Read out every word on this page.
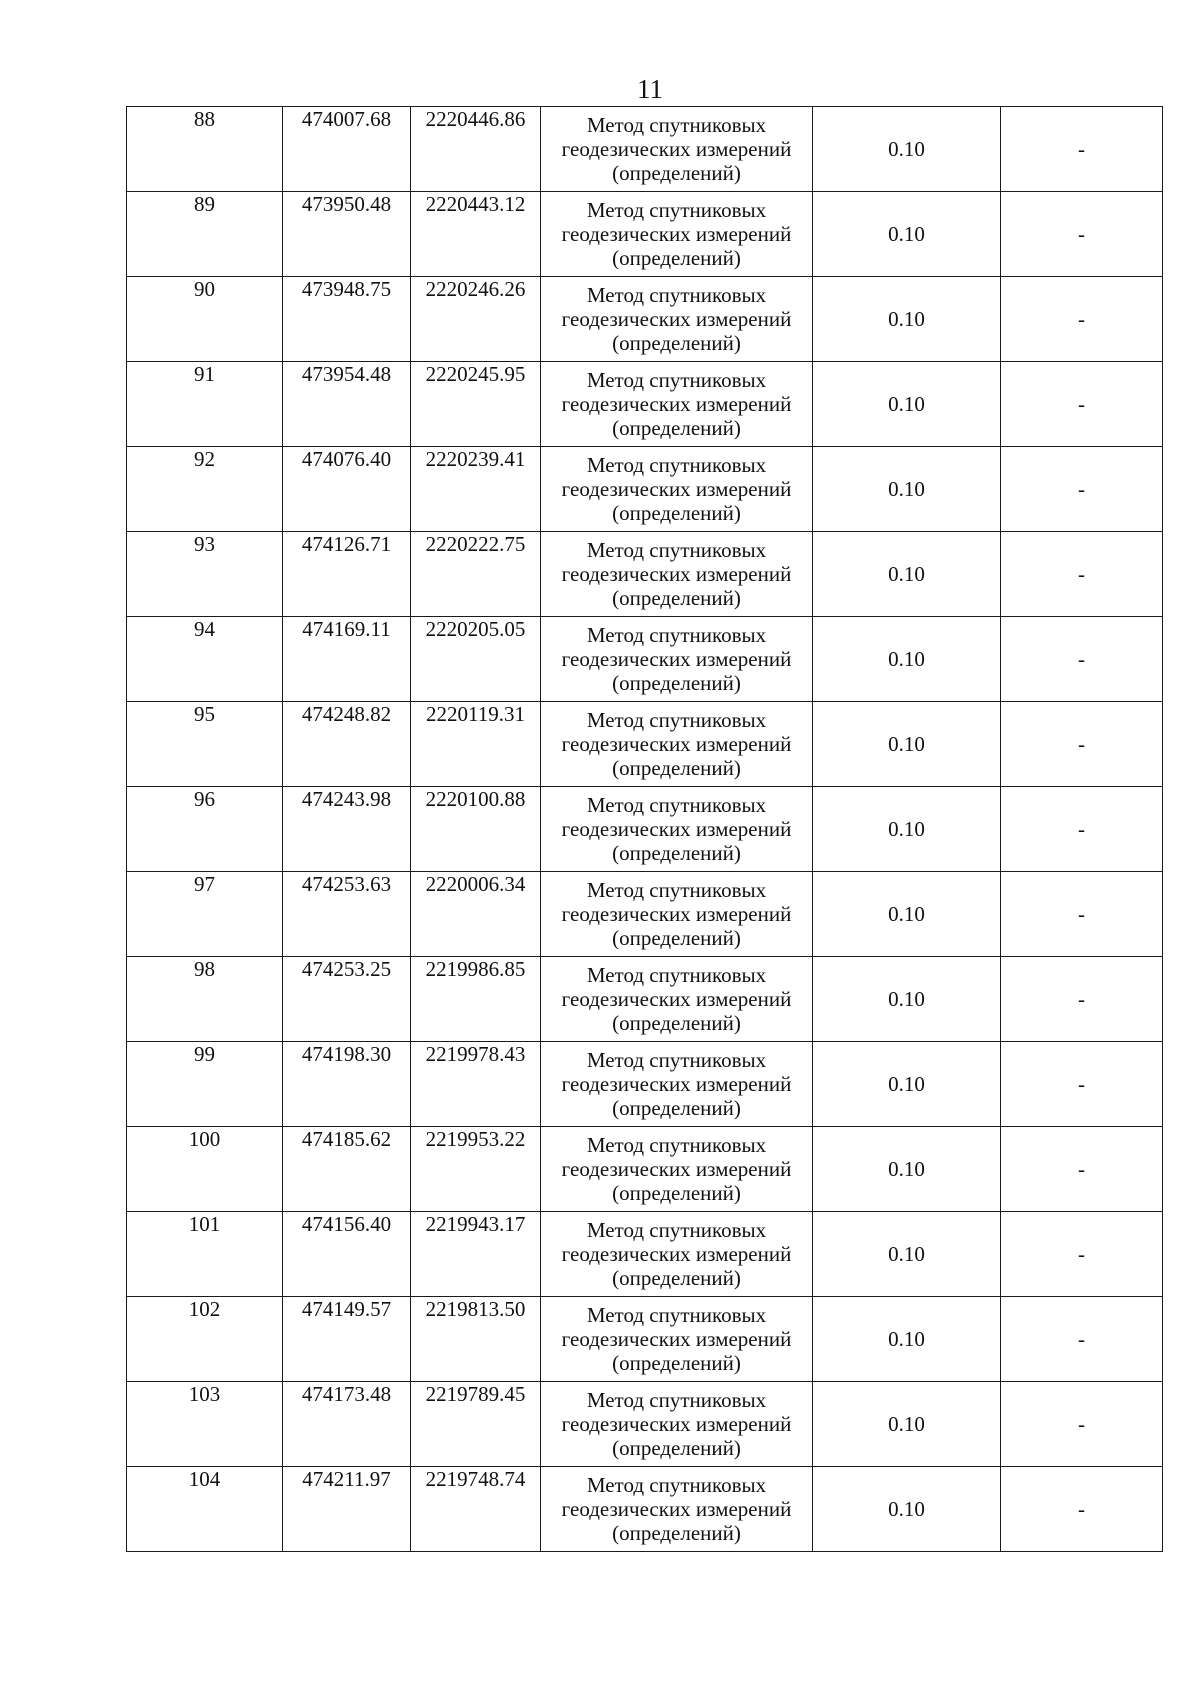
11
88	474007.68	2220446.86	Метод спутниковых
геодезических измерений
(определений)	0.10	-
89	473950.48	2220443.12	Метод спутниковых
геодезических измерений
(определений)	0.10	-
90	473948.75	2220246.26	Метод спутниковых
геодезических измерений
(определений)	0.10	-
91	473954.48	2220245.95	Метод спутниковых
геодезических измерений
(определений)	0.10	-
92	474076.40	2220239.41	Метод спутниковых
геодезических измерений
(определений)	0.10	-
93	474126.71	2220222.75	Метод спутниковых
геодезических измерений
(определений)	0.10	-
94	474169.11	2220205.05	Метод спутниковых
геодезических измерений
(определений)	0.10	-
95	474248.82	2220119.31	Метод спутниковых
геодезических измерений
(определений)	0.10	-
96	474243.98	2220100.88	Метод спутниковых
геодезических измерений
(определений)	0.10	-
97	474253.63	2220006.34	Метод спутниковых
геодезических измерений
(определений)	0.10	-
98	474253.25	2219986.85	Метод спутниковых
геодезических измерений
(определений)	0.10	-
99	474198.30	2219978.43	Метод спутниковых
геодезических измерений
(определений)	0.10	-
100	474185.62	2219953.22	Метод спутниковых
геодезических измерений
(определений)	0.10	-
101	474156.40	2219943.17	Метод спутниковых
геодезических измерений
(определений)	0.10	-
102	474149.57	2219813.50	Метод спутниковых
геодезических измерений
(определений)	0.10	-
103	474173.48	2219789.45	Метод спутниковых
геодезических измерений
(определений)	0.10	-
104	474211.97	2219748.74	Метод спутниковых
геодезических измерений
(определений)	0.10	-
